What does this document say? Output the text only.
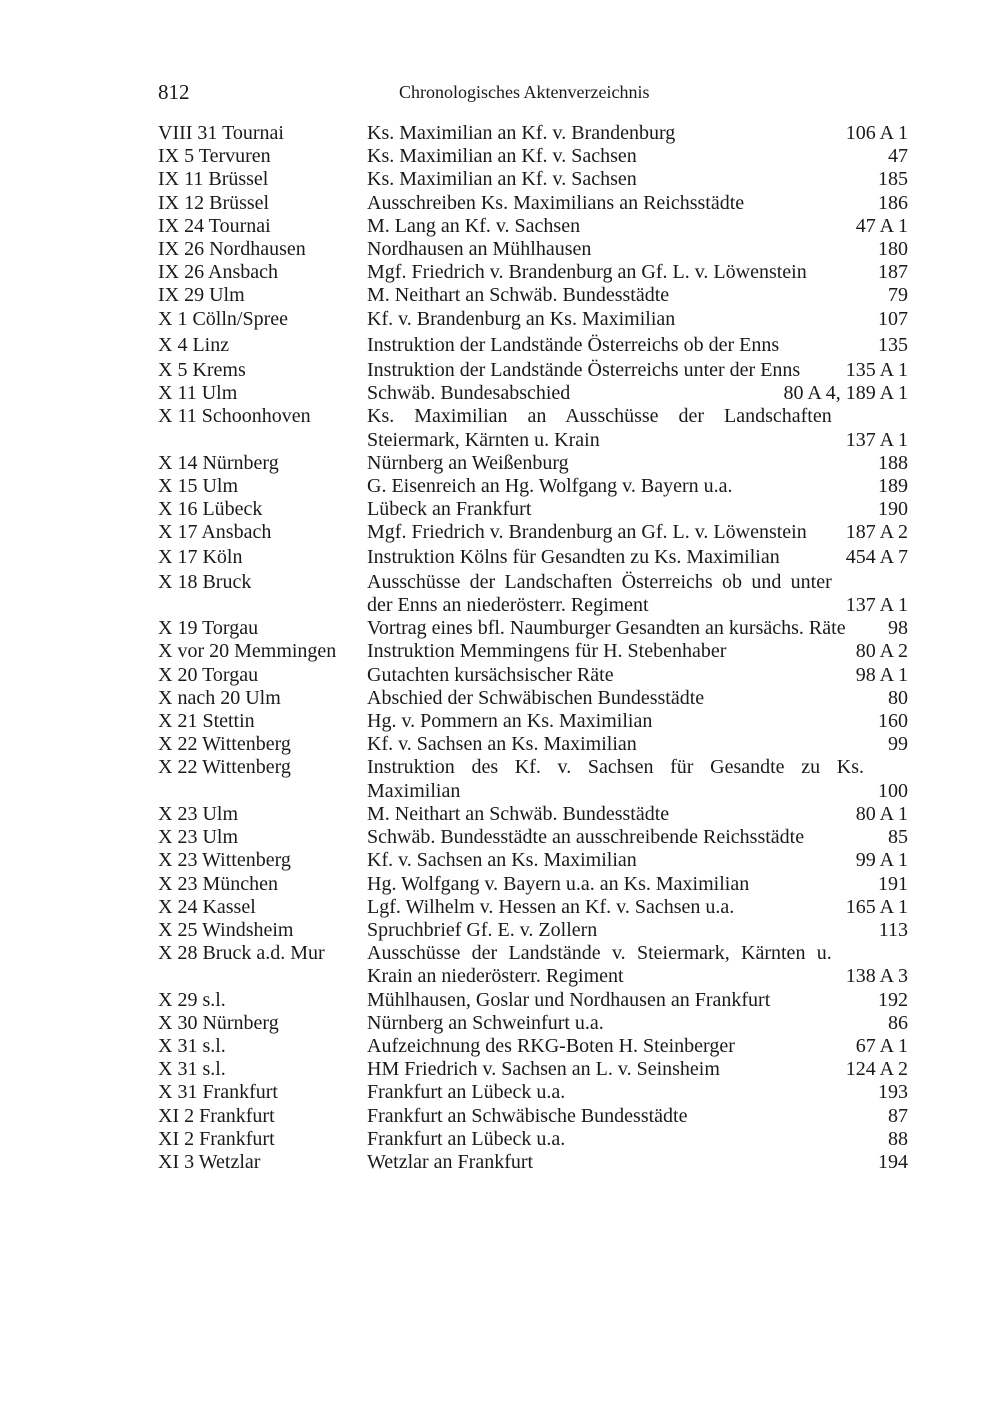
812	Chronologisches Aktenverzeichnis
VIII 31 Tournai	Ks. Maximilian an Kf. v. Brandenburg	106 A 1
IX 5 Tervuren	Ks. Maximilian an Kf. v. Sachsen	47
IX 11 Brüssel	Ks. Maximilian an Kf. v. Sachsen	185
IX 12 Brüssel	Ausschreiben Ks. Maximilians an Reichsstädte	186
IX 24 Tournai	M. Lang an Kf. v. Sachsen	47 A 1
IX 26 Nordhausen	Nordhausen an Mühlhausen	180
IX 26 Ansbach	Mgf. Friedrich v. Brandenburg an Gf. L. v. Löwenstein	187
IX 29 Ulm	M. Neithart an Schwäb. Bundesstädte	79
X 1 Cölln/Spree	Kf. v. Brandenburg an Ks. Maximilian	107
X 4 Linz	Instruktion der Landstände Österreichs ob der Enns	135
X 5 Krems	Instruktion der Landstände Österreichs unter der Enns	135 A 1
X 11 Ulm	Schwäb. Bundesabschied	80 A 4, 189 A 1
X 11 Schoonhoven	Ks. Maximilian an Ausschüsse der Landschaften Steiermark, Kärnten u. Krain	137 A 1
X 14 Nürnberg	Nürnberg an Weißenburg	188
X 15 Ulm	G. Eisenreich an Hg. Wolfgang v. Bayern u.a.	189
X 16 Lübeck	Lübeck an Frankfurt	190
X 17 Ansbach	Mgf. Friedrich v. Brandenburg an Gf. L. v. Löwenstein	187 A 2
X 17 Köln	Instruktion Kölns für Gesandten zu Ks. Maximilian	454 A 7
X 18 Bruck	Ausschüsse der Landschaften Österreichs ob und unter der Enns an niederösterr. Regiment	137 A 1
X 19 Torgau	Vortrag eines bfl. Naumburger Gesandten an kursächs. Räte	98
X vor 20 Memmingen	Instruktion Memmingens für H. Stebenhaber	80 A 2
X 20 Torgau	Gutachten kursächsischer Räte	98 A 1
X nach 20 Ulm	Abschied der Schwäbischen Bundesstädte	80
X 21 Stettin	Hg. v. Pommern an Ks. Maximilian	160
X 22 Wittenberg	Kf. v. Sachsen an Ks. Maximilian	99
X 22 Wittenberg	Instruktion des Kf. v. Sachsen für Gesandte zu Ks. Maximilian	100
X 23 Ulm	M. Neithart an Schwäb. Bundesstädte	80 A 1
X 23 Ulm	Schwäb. Bundesstädte an ausschreibende Reichsstädte	85
X 23 Wittenberg	Kf. v. Sachsen an Ks. Maximilian	99 A 1
X 23 München	Hg. Wolfgang v. Bayern u.a. an Ks. Maximilian	191
X 24 Kassel	Lgf. Wilhelm v. Hessen an Kf. v. Sachsen u.a.	165 A 1
X 25 Windsheim	Spruchbrief Gf. E. v. Zollern	113
X 28 Bruck a.d. Mur	Ausschüsse der Landstände v. Steiermark, Kärnten u. Krain an niederösterr. Regiment	138 A 3
X 29 s.l.	Mühlhausen, Goslar und Nordhausen an Frankfurt	192
X 30 Nürnberg	Nürnberg an Schweinfurt u.a.	86
X 31 s.l.	Aufzeichnung des RKG-Boten H. Steinberger	67 A 1
X 31 s.l.	HM Friedrich v. Sachsen an L. v. Seinsheim	124 A 2
X 31 Frankfurt	Frankfurt an Lübeck u.a.	193
XI 2 Frankfurt	Frankfurt an Schwäbische Bundesstädte	87
XI 2 Frankfurt	Frankfurt an Lübeck u.a.	88
XI 3 Wetzlar	Wetzlar an Frankfurt	194
